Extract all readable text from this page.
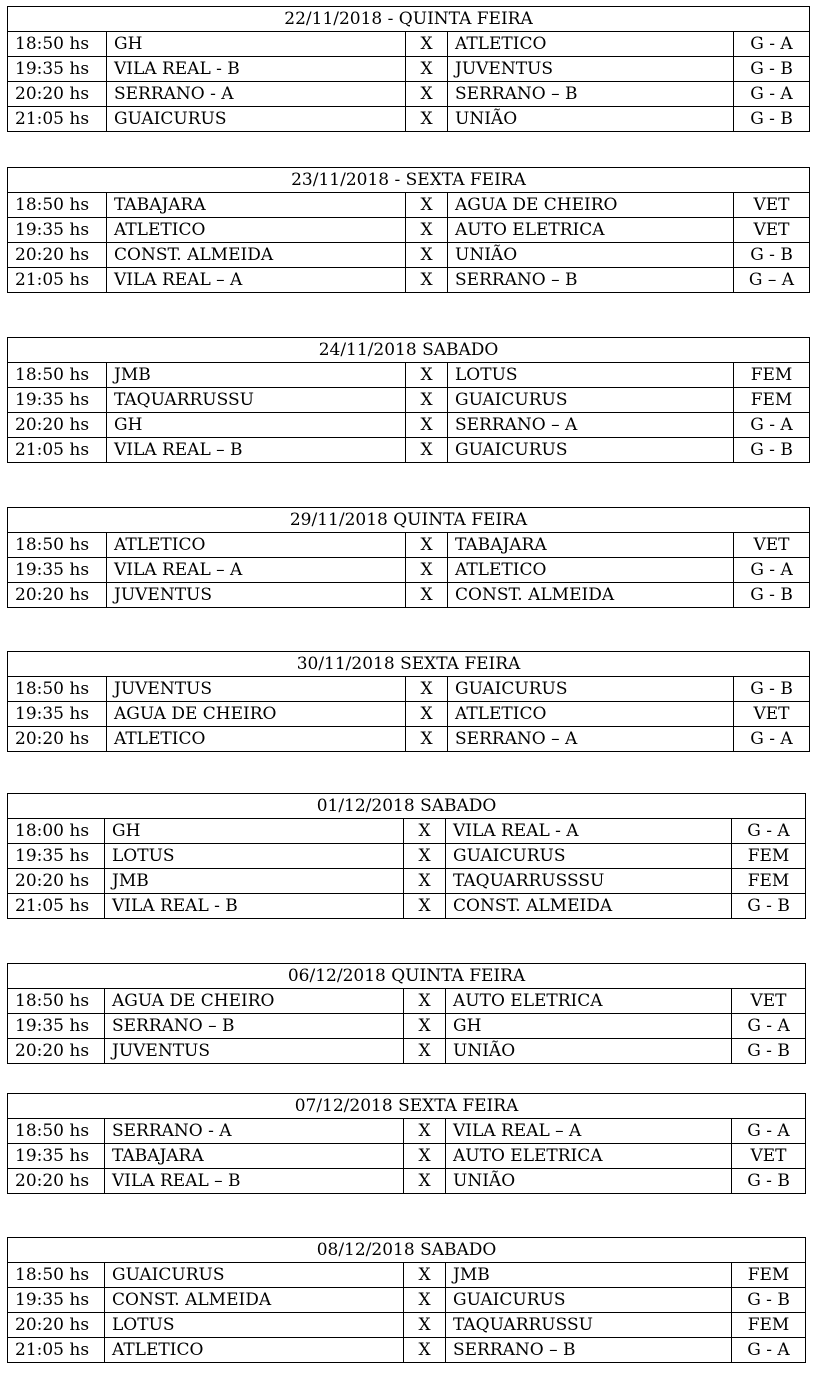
22/11/2018 - QUINTA FEIRA				
18:50 hs	GH	X	ATLETICO	G - A
19:35 hs	VILA REAL - B	X	JUVENTUS	G - B
20:20 hs	SERRANO - A	X	SERRANO – B	G - A
21:05 hs	GUAICURUS	X	UNIÃO	G - B
23/11/2018 - SEXTA FEIRA				
18:50 hs	TABAJARA	X	AGUA DE CHEIRO	VET
19:35 hs	ATLETICO	X	AUTO ELETRICA	VET
20:20 hs	CONST. ALMEIDA	X	UNIÃO	G - B
21:05 hs	VILA REAL – A	X	SERRANO – B	G – A
24/11/2018 SABADO				
18:50 hs	JMB	X	LOTUS	FEM
19:35 hs	TAQUARRUSSU	X	GUAICURUS	FEM
20:20 hs	GH	X	SERRANO – A	G - A
21:05 hs	VILA REAL – B	X	GUAICURUS	G - B
29/11/2018 QUINTA FEIRA				
18:50 hs	ATLETICO	X	TABAJARA	VET
19:35 hs	VILA REAL – A	X	ATLETICO	G - A
20:20 hs	JUVENTUS	X	CONST. ALMEIDA	G - B
30/11/2018 SEXTA FEIRA				
18:50 hs	JUVENTUS	X	GUAICURUS	G - B
19:35 hs	AGUA DE CHEIRO	X	ATLETICO	VET
20:20 hs	ATLETICO	X	SERRANO – A	G - A
01/12/2018 SABADO				
18:00 hs	GH	X	VILA REAL - A	G - A
19:35 hs	LOTUS	X	GUAICURUS	FEM
20:20 hs	JMB	X	TAQUARRUSSSU	FEM
21:05 hs	VILA REAL - B	X	CONST. ALMEIDA	G - B
06/12/2018 QUINTA FEIRA				
18:50 hs	AGUA DE CHEIRO	X	AUTO ELETRICA	VET
19:35 hs	SERRANO – B	X	GH	G - A
20:20 hs	JUVENTUS	X	UNIÃO	G - B
07/12/2018 SEXTA FEIRA				
18:50 hs	SERRANO - A	X	VILA REAL – A	G - A
19:35 hs	TABAJARA	X	AUTO ELETRICA	VET
20:20 hs	VILA REAL – B	X	UNIÃO	G - B
08/12/2018 SABADO				
18:50 hs	GUAICURUS	X	JMB	FEM
19:35 hs	CONST. ALMEIDA	X	GUAICURUS	G - B
20:20 hs	LOTUS	X	TAQUARRUSSU	FEM
21:05 hs	ATLETICO	X	SERRANO – B	G - A
